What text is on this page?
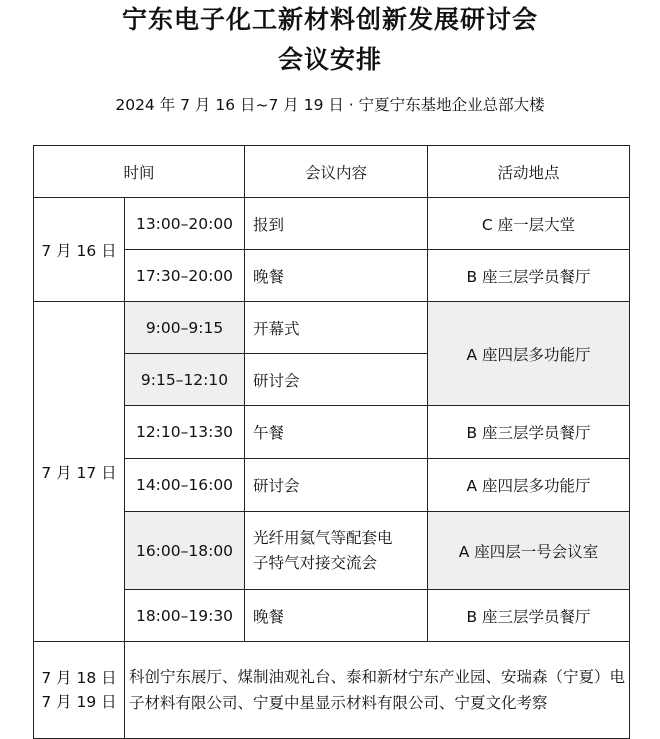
宁东电子化工新材料创新发展研讨会
会议安排
2024 年 7 月 16 日~7 月 19 日 · 宁夏宁东基地企业总部大楼
时间		会议内容	活动地点
7 月 16 日	13:00–20:00	报到	C 座一层大堂
	17:30–20:00	晚餐	B 座三层学员餐厅
7 月 17 日	9:00–9:15	开幕式	A 座四层多功能厅
	9:15–12:10	研讨会	
	12:10–13:30	午餐	B 座三层学员餐厅
	14:00–16:00	研讨会	A 座四层多功能厅
	16:00–18:00	光纤用氦气等配套电
子特气对接交流会	A 座四层一号会议室
	18:00–19:30	晚餐	B 座三层学员餐厅

7 月 18 日
7 月 19 日	科创宁东展厅、煤制油观礼台、泰和新材宁东产业园、安瑞森（宁夏）电子材料有限公司、宁夏中星显示材料有限公司、宁夏文化考察		
